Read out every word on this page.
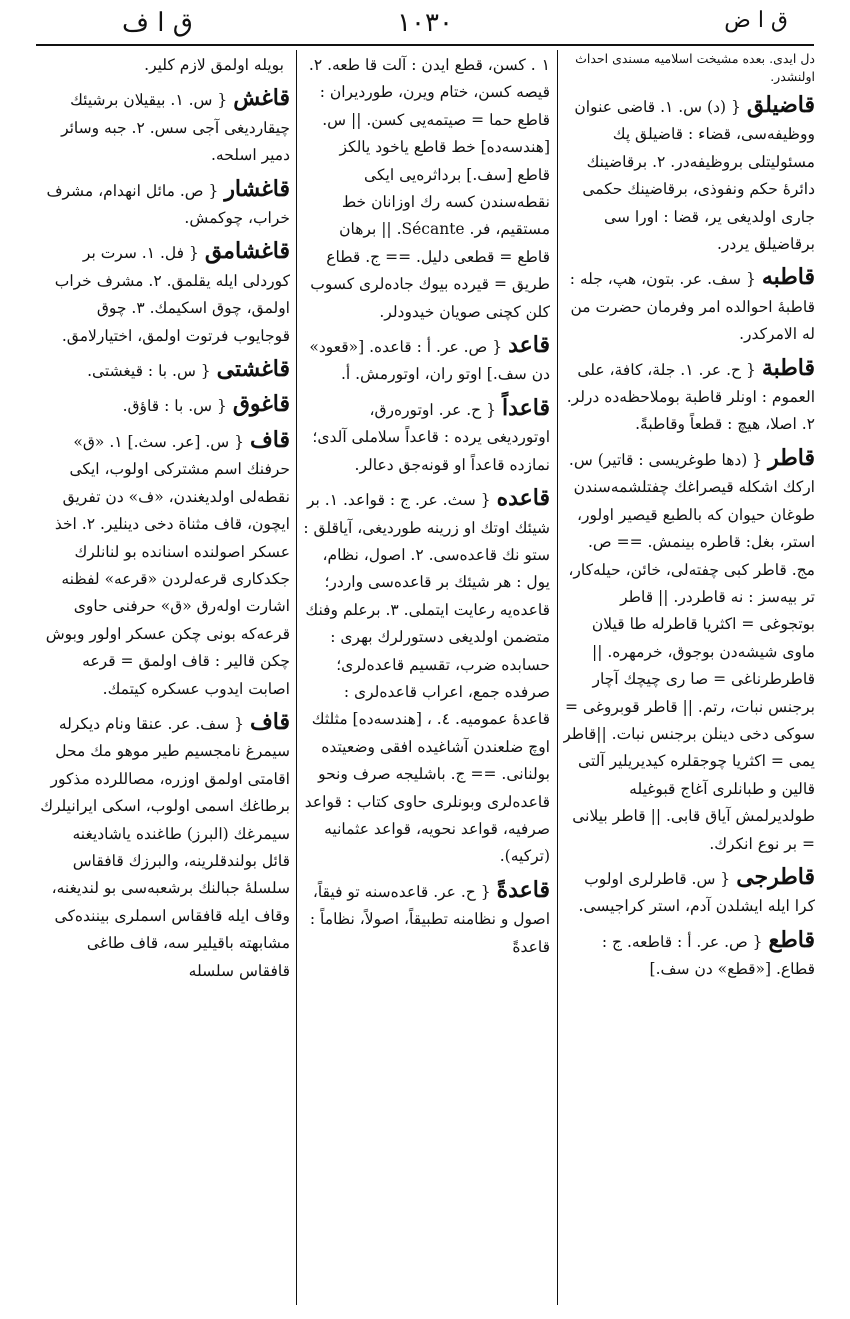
ق ا ف	١٠٣٠	ق ا ض
دل ایدی. بعده مشیخت اسلامیه مسندی احداث اولنشدر.
قاضیلق{ (د) س. ١. قاضی عنوان ووظیفه‌سی، قضاء : قاضیلق پك مسئولیتلی بروظیفه‌در. ٢. برقاضینك دائرهٔ حکم ونفوذی، برقاضینك حکمی جاری اولدیغی یر، قضا : اورا سی برقاضیلق یردر.
قاطبه{ سف. عر. بتون، هپ، جله : قاطبهٔ احوالده امر وفرمان حضرت من له الامرکدر.
قاطبة{ ح. عر. ١. جلة، کافة، علی العموم : اونلر قاطبة بوملاحظه‌ده درلر. ٢. اصلا، هیچ : قطعاً وقاطبةً.
قاطر{ (دها طوغریسی : قاتیر) س. ارکك اشکله قیصراغك چفتلشمه‌سندن طوغان حیوان که بالطبع قیصیر اولور، استر، بغل: قاطره بینمش. == ص. مج. قاطر کبی چفته‌لی، خائن، حیله‌کار، تر بیه‌سز : نه قاطردر. || قاطر بوتجوغی = اکثریا قاطرله طا قیلان ماوی شیشه‌دن بوجوق، خرمهره. || قاطرطرناغی = صا ری چیچك آچار برجنس نبات، رتم. || قاطر قوبروغی = سوکی دخی دینلن برجنس نبات. ||قاطر یمی = اکثریا چوجقلره کیدیریلیر آلتی قالین و طبانلری آغاج قبوغیله طولدیرلمش آیاق قابی. || قاطر بیلانی = بر نوع انکرك.
قاطرجی{ س. قاطرلری اولوب کرا ایله ایشلدن آدم، استر کراجیسی.
قاطع{ ص. عر. أ : قاطعه. ج : قطاع. [«قطع» دن سف.]
١. کسن، قطع ایدن : آلت قا طعه. ٢. قیصه کسن، ختام ویرن، طوردیران : قاطع حما = صیتمه‌یی کسن. || س. [هندسه‌ده] خط قاطع یاخود یالکز قاطع [سف.] برداثره‌یی ایکی نقطه‌سندن کسه‌ رك اوزانان خط مستقیم، فر. Sécante. || برهان قاطع = قطعی دلیل. == ج. قطاع طریق = قیرده بیوك جاده‌لری کسوب کلن کچنی صویان خیدودلر.
قاعد{ ص. عر. أ : قاعده. [«قعود» دن سف.] اوتو ران، اوتورمش. أ.
قاعداً{ ح. عر. اوتوره‌رق، اوتوردیغی یرده : قاعداً سلاملی آلدی؛ نمازده قاعداً او قونه‌جق دعالر.
قاعده{ سث. عر. ج : قواعد. ١. بر شیئك اوتك او زرینه طوردیغی، آیاقلق : ستو نك قاعده‌سی. ٢. اصول، نظام، یول : هر شیئك بر قاعده‌سی واردر؛ قاعده‌یه رعایت ایتملی. ٣. برعلم وفنك متضمن اولدیغی دستورلرك بهری : حسابده ضرب، تقسیم قاعده‌لری؛ صرفده جمع، اعراب قاعده‌لری : قاعدهٔ عمومیه. ٤. ، [هندسه‌ده] مثلثك اوچ ضلعندن آشاغیده افقی وضعیتده بولنانی. == ج. باشلیجه صرف ونحو قاعده‌لری وبونلری حاوی کتاب : قواعد صرفیه، قواعد نحویه، قواعد عثمانیه (ترکیه).
قاعدةً{ ح. عر. قاعده‌سنه تو فیقاً، اصول و نظامنه تطبیقاً، اصولاً، نظاماً : قاعدةً
بویله اولمق لازم کلیر.
قاغش{ س. ١. بیقیلان برشیئك چیقاردیغی آجی سس. ٢. جبه وسائر دمیر اسلحه.
قاغشار{ ص. مائل انهدام، مشرف خراب، چوکمش.
قاغشامق{ فل. ١. سرت بر کوردلی ایله یقلمق. ٢. مشرف خراب اولمق، چوق اسکیمك. ٣. چوق قوجایوب فرتوت اولمق، اختیارلامق.
قاغشتی{ س. با : قیغشتی.
قاغوق{ س. با : قاؤق.
قاف{ س. [عر. سث.] ١. «ق» حرفنك اسم مشترکی اولوب، ایکی نقطه‌لی اولدیغندن، «ف» دن تفریق ایچون، قاف مثناة دخی دینلیر. ٢. اخذ عسکر اصولنده اسنانده بو لنانلرك جکدکاری قرعه‌لردن «قرعه» لفظنه اشارت اوله‌رق «ق» حرفنی حاوی قرعه‌که بونی چکن عسکر اولور وبوش چکن قالیر : قاف اولمق = قرعه اصابت ایدوب عسکره کیتمك.
قاف{ سف. عر. عنقا ونام دیکرله سیمرغ نامجسیم طیر موهو مك محل اقامتی اولمق اوزره، مصاللرده مذکور برطاغك اسمی اولوب، اسکی ایرانیلرك سیمرغك (البرز) طاغنده یاشادیغنه قائل بولندقلرینه، والبرزك قافقاس سلسلهٔ جبالنك برشعبه‌سی بو لندیغنه، وقاف ایله قافقاس اسملری بیننده‌کی مشابهته باقیلیر سه، قاف طاغی قافقاس سلسله‌
